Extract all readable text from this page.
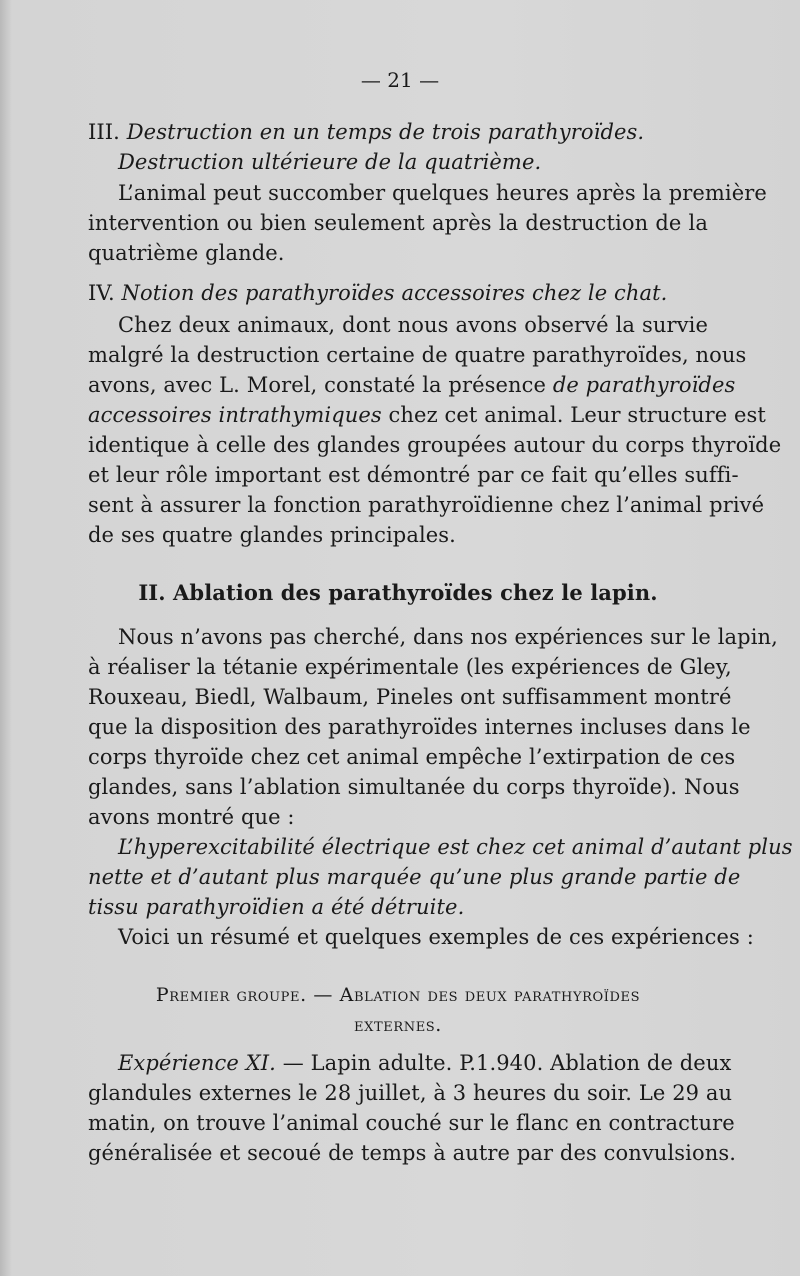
— 21 —
III. Destruction en un temps de trois parathyroïdes.
Destruction ultérieure de la quatrième.
L’animal peut succomber quelques heures après la première
intervention ou bien seulement après la destruction de la
quatrième glande.
IV. Notion des parathyroïdes accessoires chez le chat.
Chez deux animaux, dont nous avons observé la survie
malgré la destruction certaine de quatre parathyroïdes, nous
avons, avec L. Morel, constaté la présence de parathyroïdes
accessoires intrathymiques chez cet animal. Leur structure est
identique à celle des glandes groupées autour du corps thyroïde
et leur rôle important est démontré par ce fait qu’elles suffi-
sent à assurer la fonction parathyroïdienne chez l’animal privé
de ses quatre glandes principales.
II. Ablation des parathyroïdes chez le lapin.
Nous n’avons pas cherché, dans nos expériences sur le lapin,
à réaliser la tétanie expérimentale (les expériences de Gley,
Rouxeau, Biedl, Walbaum, Pineles ont suffisamment montré
que la disposition des parathyroïdes internes incluses dans le
corps thyroïde chez cet animal empêche l’extirpation de ces
glandes, sans l’ablation simultanée du corps thyroïde). Nous
avons montré que :
L’hyperexcitabilité électrique est chez cet animal d’autant plus
nette et d’autant plus marquée qu’une plus grande partie de
tissu parathyroïdien a été détruite.
Voici un résumé et quelques exemples de ces expériences :
Premier groupe. — Ablation des deux parathyroïdes
externes.
Expérience XI. — Lapin adulte. P.1.940. Ablation de deux
glandules externes le 28 juillet, à 3 heures du soir. Le 29 au
matin, on trouve l’animal couché sur le flanc en contracture
généralisée et secoué de temps à autre par des convulsions.
